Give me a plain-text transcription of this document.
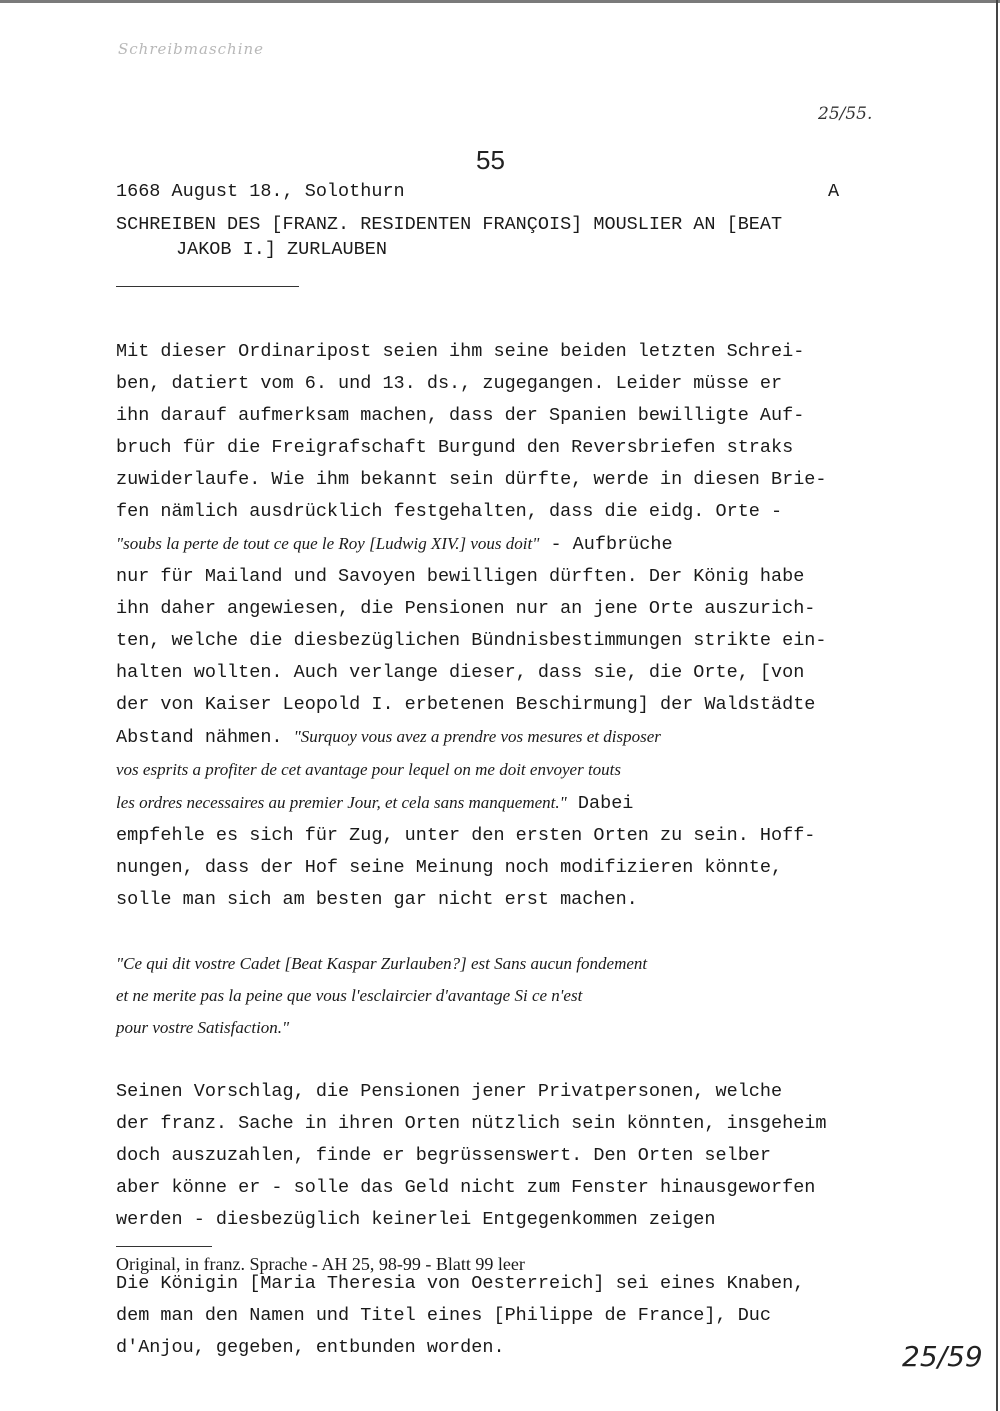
Schreibmaschine
25/55.
55
1668 August 18., Solothurn	A
SCHREIBEN DES [FRANZ. RESIDENTEN FRANÇOIS] MOUSLIER AN [BEAT
JAKOB I.] ZURLAUBEN

Mit dieser Ordinaripost seien ihm seine beiden letzten Schrei-
ben, datiert vom 6. und 13. ds., zugegangen. Leider müsse er
ihn darauf aufmerksam machen, dass der Spanien bewilligte Auf-
bruch für die Freigrafschaft Burgund den Reversbriefen straks
zuwiderlaufe. Wie ihm bekannt sein dürfte, werde in diesen Brie-
fen nämlich ausdrücklich festgehalten, dass die eidg. Orte -
"soubs la perte de tout ce que le Roy [Ludwig XIV.] vous doit" - Aufbrüche
nur für Mailand und Savoyen bewilligen dürften. Der König habe
ihn daher angewiesen, die Pensionen nur an jene Orte auszurich-
ten, welche die diesbezüglichen Bündnisbestimmungen strikte ein-
halten wollten. Auch verlange dieser, dass sie, die Orte, [von
der von Kaiser Leopold I. erbetenen Beschirmung] der Waldstädte
Abstand nähmen. "Surquoy vous avez a prendre vos mesures et disposer
vos esprits a profiter de cet avantage pour lequel on me doit envoyer touts
les ordres necessaires au premier Jour, et cela sans manquement." Dabei
empfehle es sich für Zug, unter den ersten Orten zu sein. Hoff-
nungen, dass der Hof seine Meinung noch modifizieren könnte,
solle man sich am besten gar nicht erst machen.

"Ce qui dit vostre Cadet [Beat Kaspar Zurlauben?] est Sans aucun fondement
et ne merite pas la peine que vous l'esclaircier d'avantage Si ce n'est
pour vostre Satisfaction."

Seinen Vorschlag, die Pensionen jener Privatpersonen, welche
der franz. Sache in ihren Orten nützlich sein könnten, insgeheim
doch auszuzahlen, finde er begrüssenswert. Den Orten selber
aber könne er - solle das Geld nicht zum Fenster hinausgeworfen
werden - diesbezüglich keinerlei Entgegenkommen zeigen

Die Königin [Maria Theresia von Oesterreich] sei eines Knaben,
dem man den Namen und Titel eines [Philippe de France], Duc
d'Anjou, gegeben, entbunden worden.

Original, in franz. Sprache - AH 25, 98-99 - Blatt 99 leer
25/59
